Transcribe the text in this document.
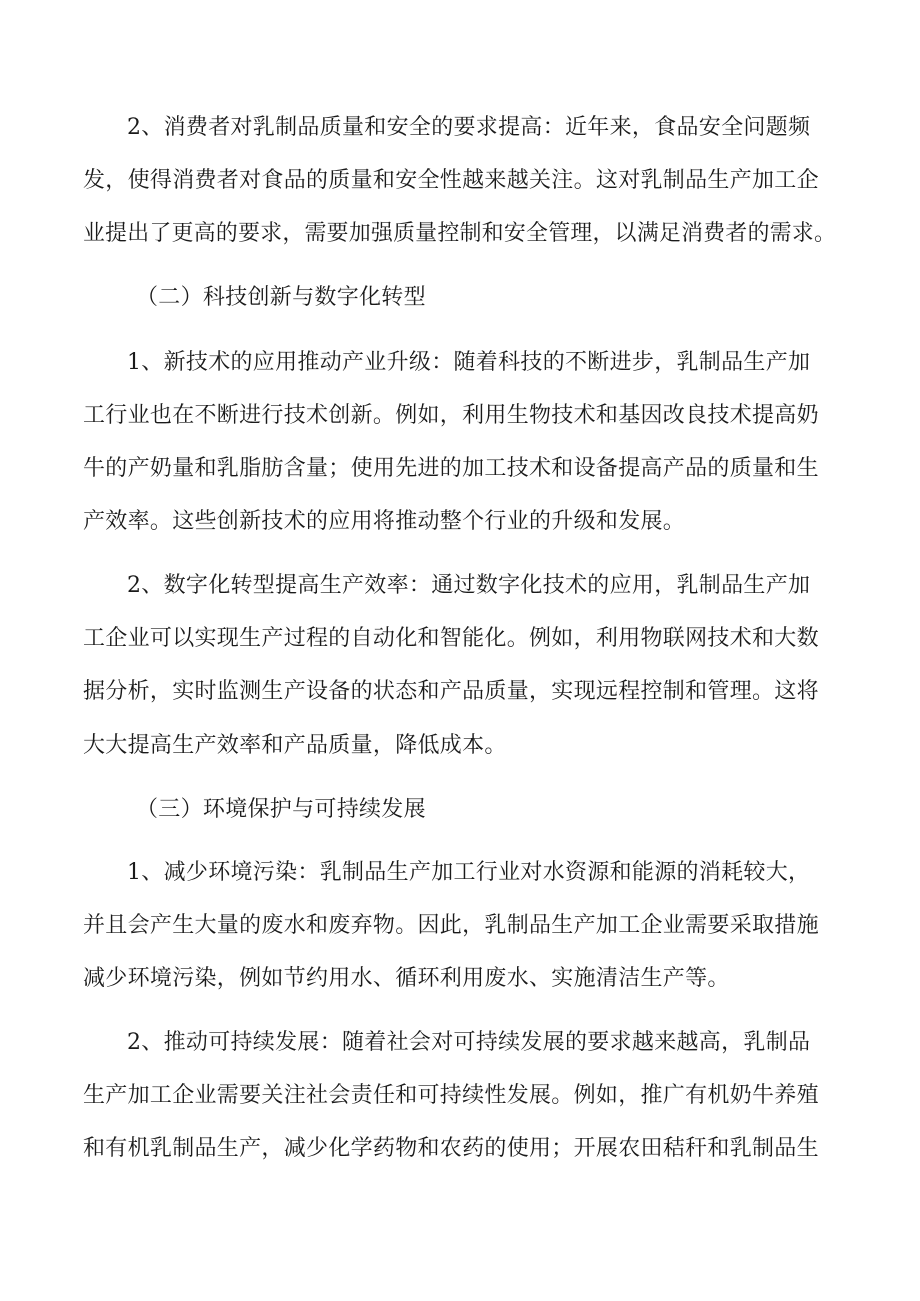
2、消费者对乳制品质量和安全的要求提高：近年来，食品安全问题频
发，使得消费者对食品的质量和安全性越来越关注。这对乳制品生产加工企
业提出了更高的要求，需要加强质量控制和安全管理，以满足消费者的需求。
（二）科技创新与数字化转型
1、新技术的应用推动产业升级：随着科技的不断进步，乳制品生产加
工行业也在不断进行技术创新。例如，利用生物技术和基因改良技术提高奶
牛的产奶量和乳脂肪含量；使用先进的加工技术和设备提高产品的质量和生
产效率。这些创新技术的应用将推动整个行业的升级和发展。
2、数字化转型提高生产效率：通过数字化技术的应用，乳制品生产加
工企业可以实现生产过程的自动化和智能化。例如，利用物联网技术和大数
据分析，实时监测生产设备的状态和产品质量，实现远程控制和管理。这将
大大提高生产效率和产品质量，降低成本。
（三）环境保护与可持续发展
1、减少环境污染：乳制品生产加工行业对水资源和能源的消耗较大，
并且会产生大量的废水和废弃物。因此，乳制品生产加工企业需要采取措施
减少环境污染，例如节约用水、循环利用废水、实施清洁生产等。
2、推动可持续发展：随着社会对可持续发展的要求越来越高，乳制品
生产加工企业需要关注社会责任和可持续性发展。例如，推广有机奶牛养殖
和有机乳制品生产，减少化学药物和农药的使用；开展农田秸秆和乳制品生
